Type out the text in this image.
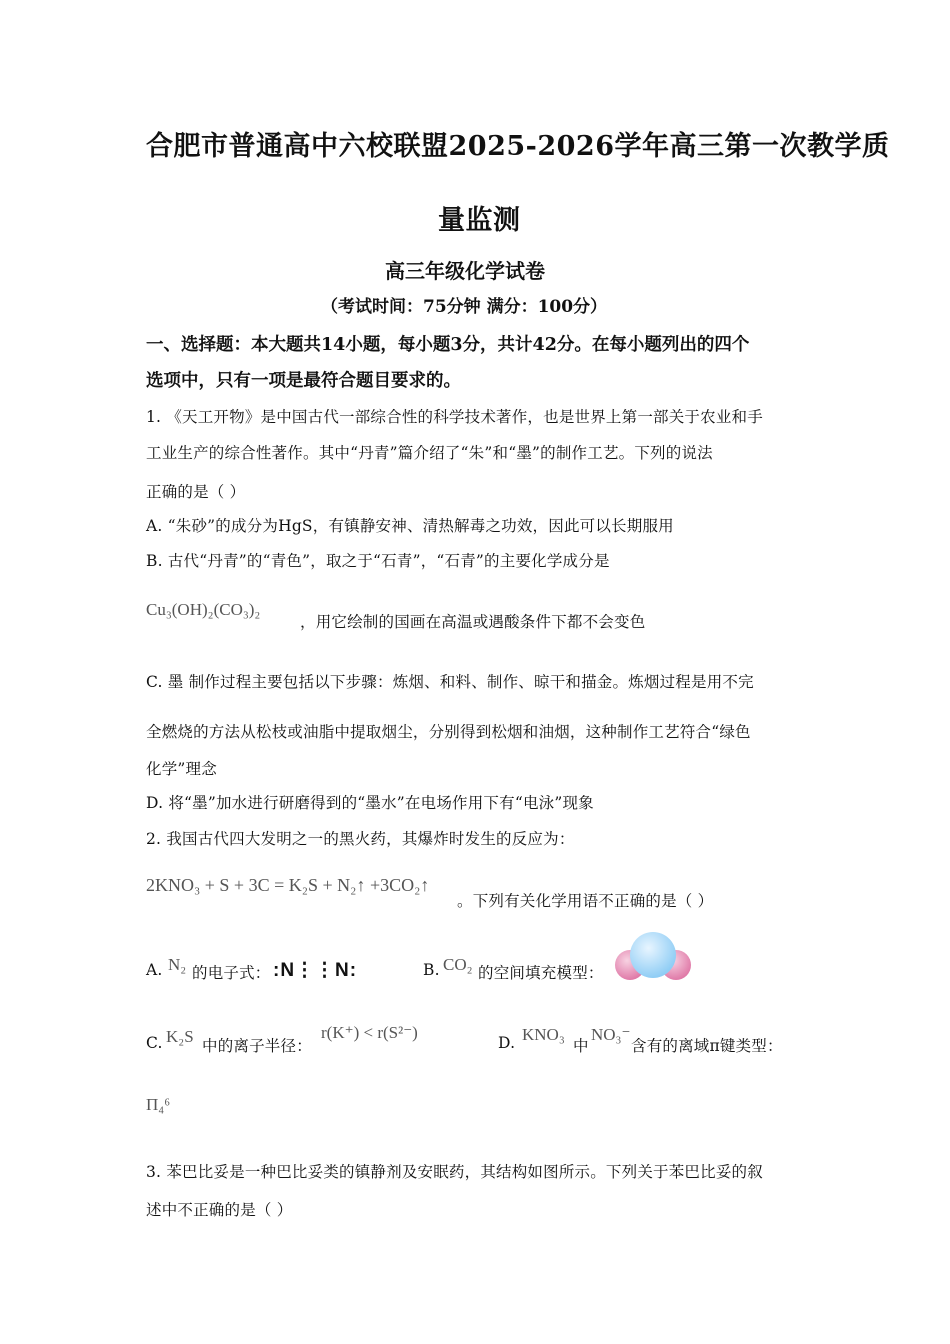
合肥市普通高中六校联盟2025-2026学年高三第一次教学质
量监测
高三年级化学试卷
（考试时间：75分钟 满分：100分）
一、选择题：本大题共14小题，每小题3分，共计42分。在每小题列出的四个
选项中，只有一项是最符合题目要求的。
1. 《天工开物》是中国古代一部综合性的科学技术著作，也是世界上第一部关于农业和手
工业生产的综合性著作。其中“丹青”篇介绍了“朱”和“墨”的制作工艺。下列的说法
正确的是（ ）
A. “朱砂”的成分为HgS，有镇静安神、清热解毒之功效，因此可以长期服用
B. 古代“丹青”的“青色”，取之于“石青”，“石青”的主要化学成分是
Cu₃(OH)₂(CO₃)₂
，用它绘制的国画在高温或遇酸条件下都不会变色
C. 墨 制作过程主要包括以下步骤：炼烟、和料、制作、晾干和描金。炼烟过程是用不完
全燃烧的方法从松枝或油脂中提取烟尘，分别得到松烟和油烟，这种制作工艺符合“绿色
化学”理念
D. 将“墨”加水进行研磨得到的“墨水”在电场作用下有“电泳”现象
2. 我国古代四大发明之一的黑火药，其爆炸时发生的反应为：
2KNO₃ + S + 3C = K₂S + N₂↑ +3CO₂↑
。下列有关化学用语不正确的是（ ）
A. N₂ 的电子式： :N⋮⋮N:	B. CO₂ 的空间填充模型：
C. K₂S 中的离子半径：
r(K⁺) < r(S²⁻)
D. KNO₃
中
NO₃⁻
含有的离域π键类型：
Π₄⁶
3. 苯巴比妥是一种巴比妥类的镇静剂及安眠药，其结构如图所示。下列关于苯巴比妥的叙
述中不正确的是（ ）
